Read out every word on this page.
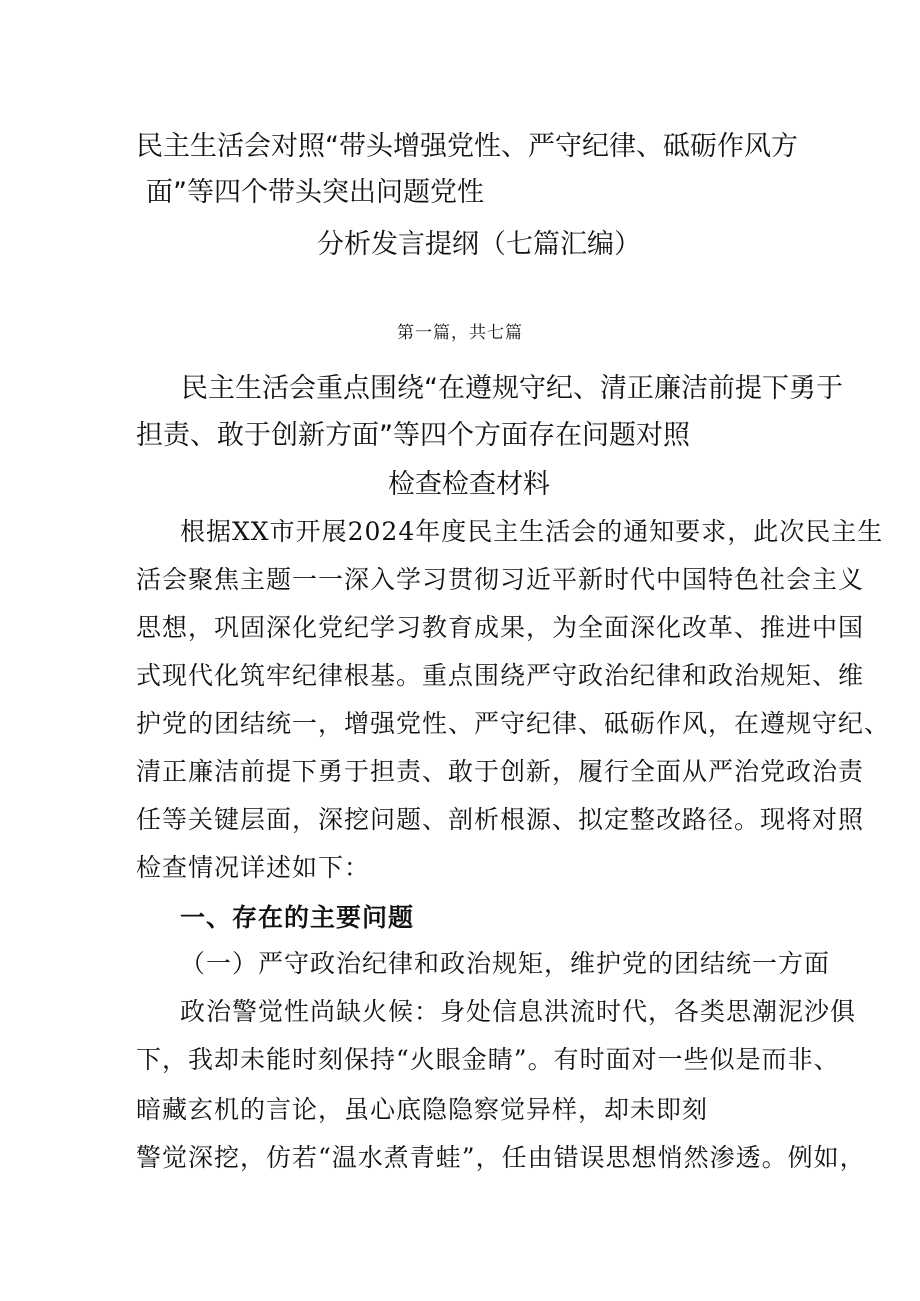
民主生活会对照“带头增强党性、严守纪律、砥砺作风方

面”等四个带头突出问题党性

分析发言提纲（七篇汇编）

第一篇，共七篇

民主生活会重点围绕“在遵规守纪、清正廉洁前提下勇于

担责、敢于创新方面”等四个方面存在问题对照

检查检查材料

根据XX市开展2024年度民主生活会的通知要求，此次民主生

活会聚焦主题一一深入学习贯彻习近平新时代中国特色社会主义

思想，巩固深化党纪学习教育成果，为全面深化改革、推进中国

式现代化筑牢纪律根基。重点围绕严守政治纪律和政治规矩、维

护党的团结统一，增强党性、严守纪律、砥砺作风，在遵规守纪、

清正廉洁前提下勇于担责、敢于创新，履行全面从严治党政治责

任等关键层面，深挖问题、剖析根源、拟定整改路径。现将对照

检查情况详述如下：

一、存在的主要问题

（一）严守政治纪律和政治规矩，维护党的团结统一方面

政治警觉性尚缺火候：身处信息洪流时代，各类思潮泥沙俱

下，我却未能时刻保持“火眼金睛”。有时面对一些似是而非、

暗藏玄机的言论，虽心底隐隐察觉异样，却未即刻

警觉深挖，仿若“温水煮青蛙”，任由错误思想悄然渗透。例如，
